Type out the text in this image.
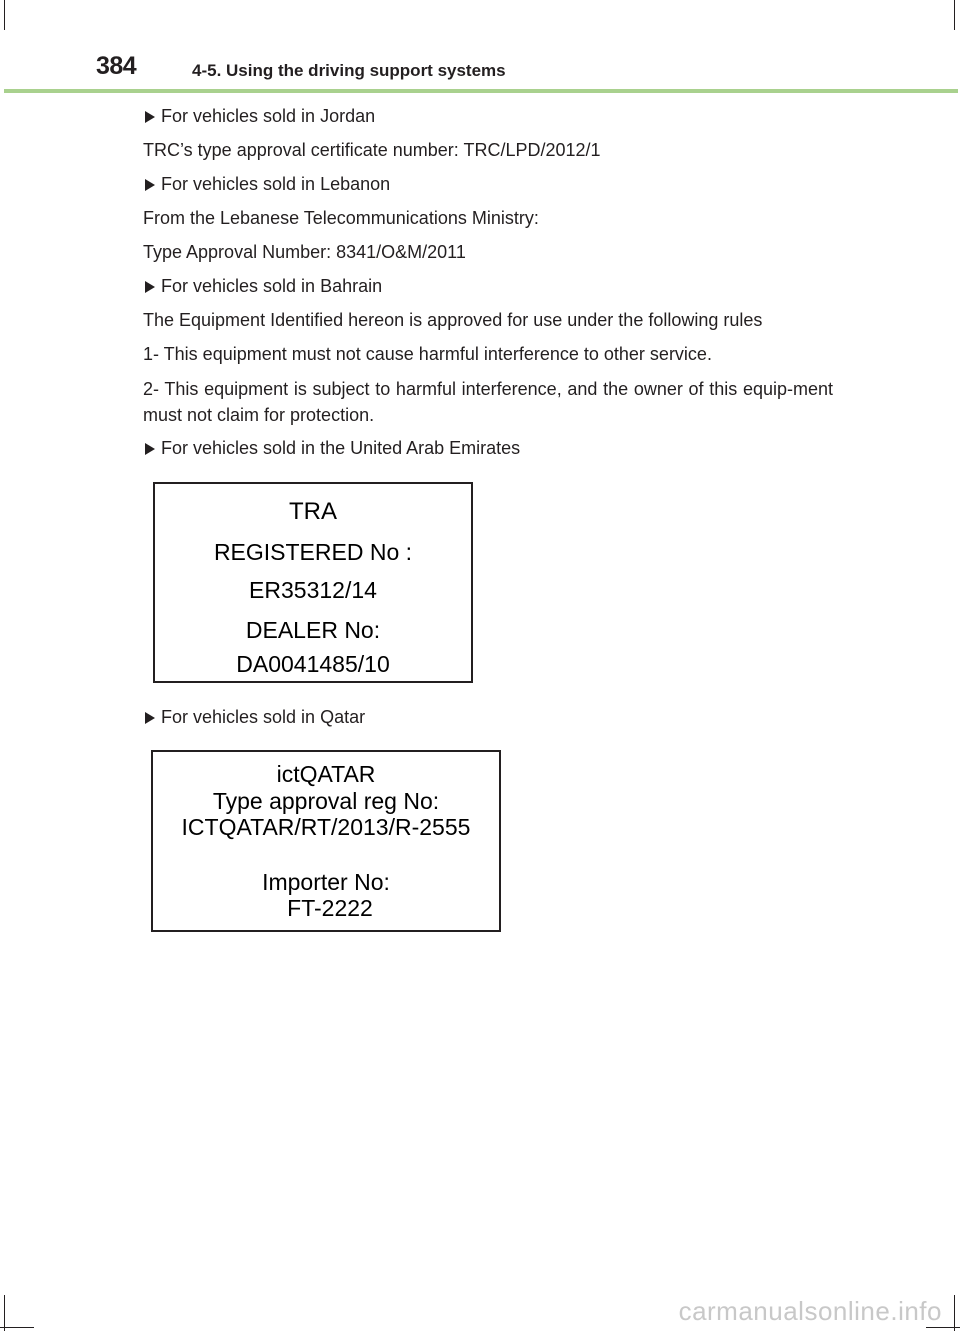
384	4-5. Using the driving support systems
For vehicles sold in Jordan
TRC’s type approval certificate number: TRC/LPD/2012/1
For vehicles sold in Lebanon
From the Lebanese Telecommunications Ministry:
Type Approval Number: 8341/O&M/2011
For vehicles sold in Bahrain
The Equipment Identified hereon is approved for use under the following rules
1- This equipment must not cause harmful interference to other service.
2- This equipment is subject to harmful interference, and the owner of this equip-ment must not claim for protection.
For vehicles sold in the United Arab Emirates
TRA
REGISTERED No :
ER35312/14
DEALER No:
DA0041485/10
For vehicles sold in Qatar
ictQATAR
Type approval reg No:
ICTQATAR/RT/2013/R-2555
Importer No:
FT-2222
carmanualsonline.info
